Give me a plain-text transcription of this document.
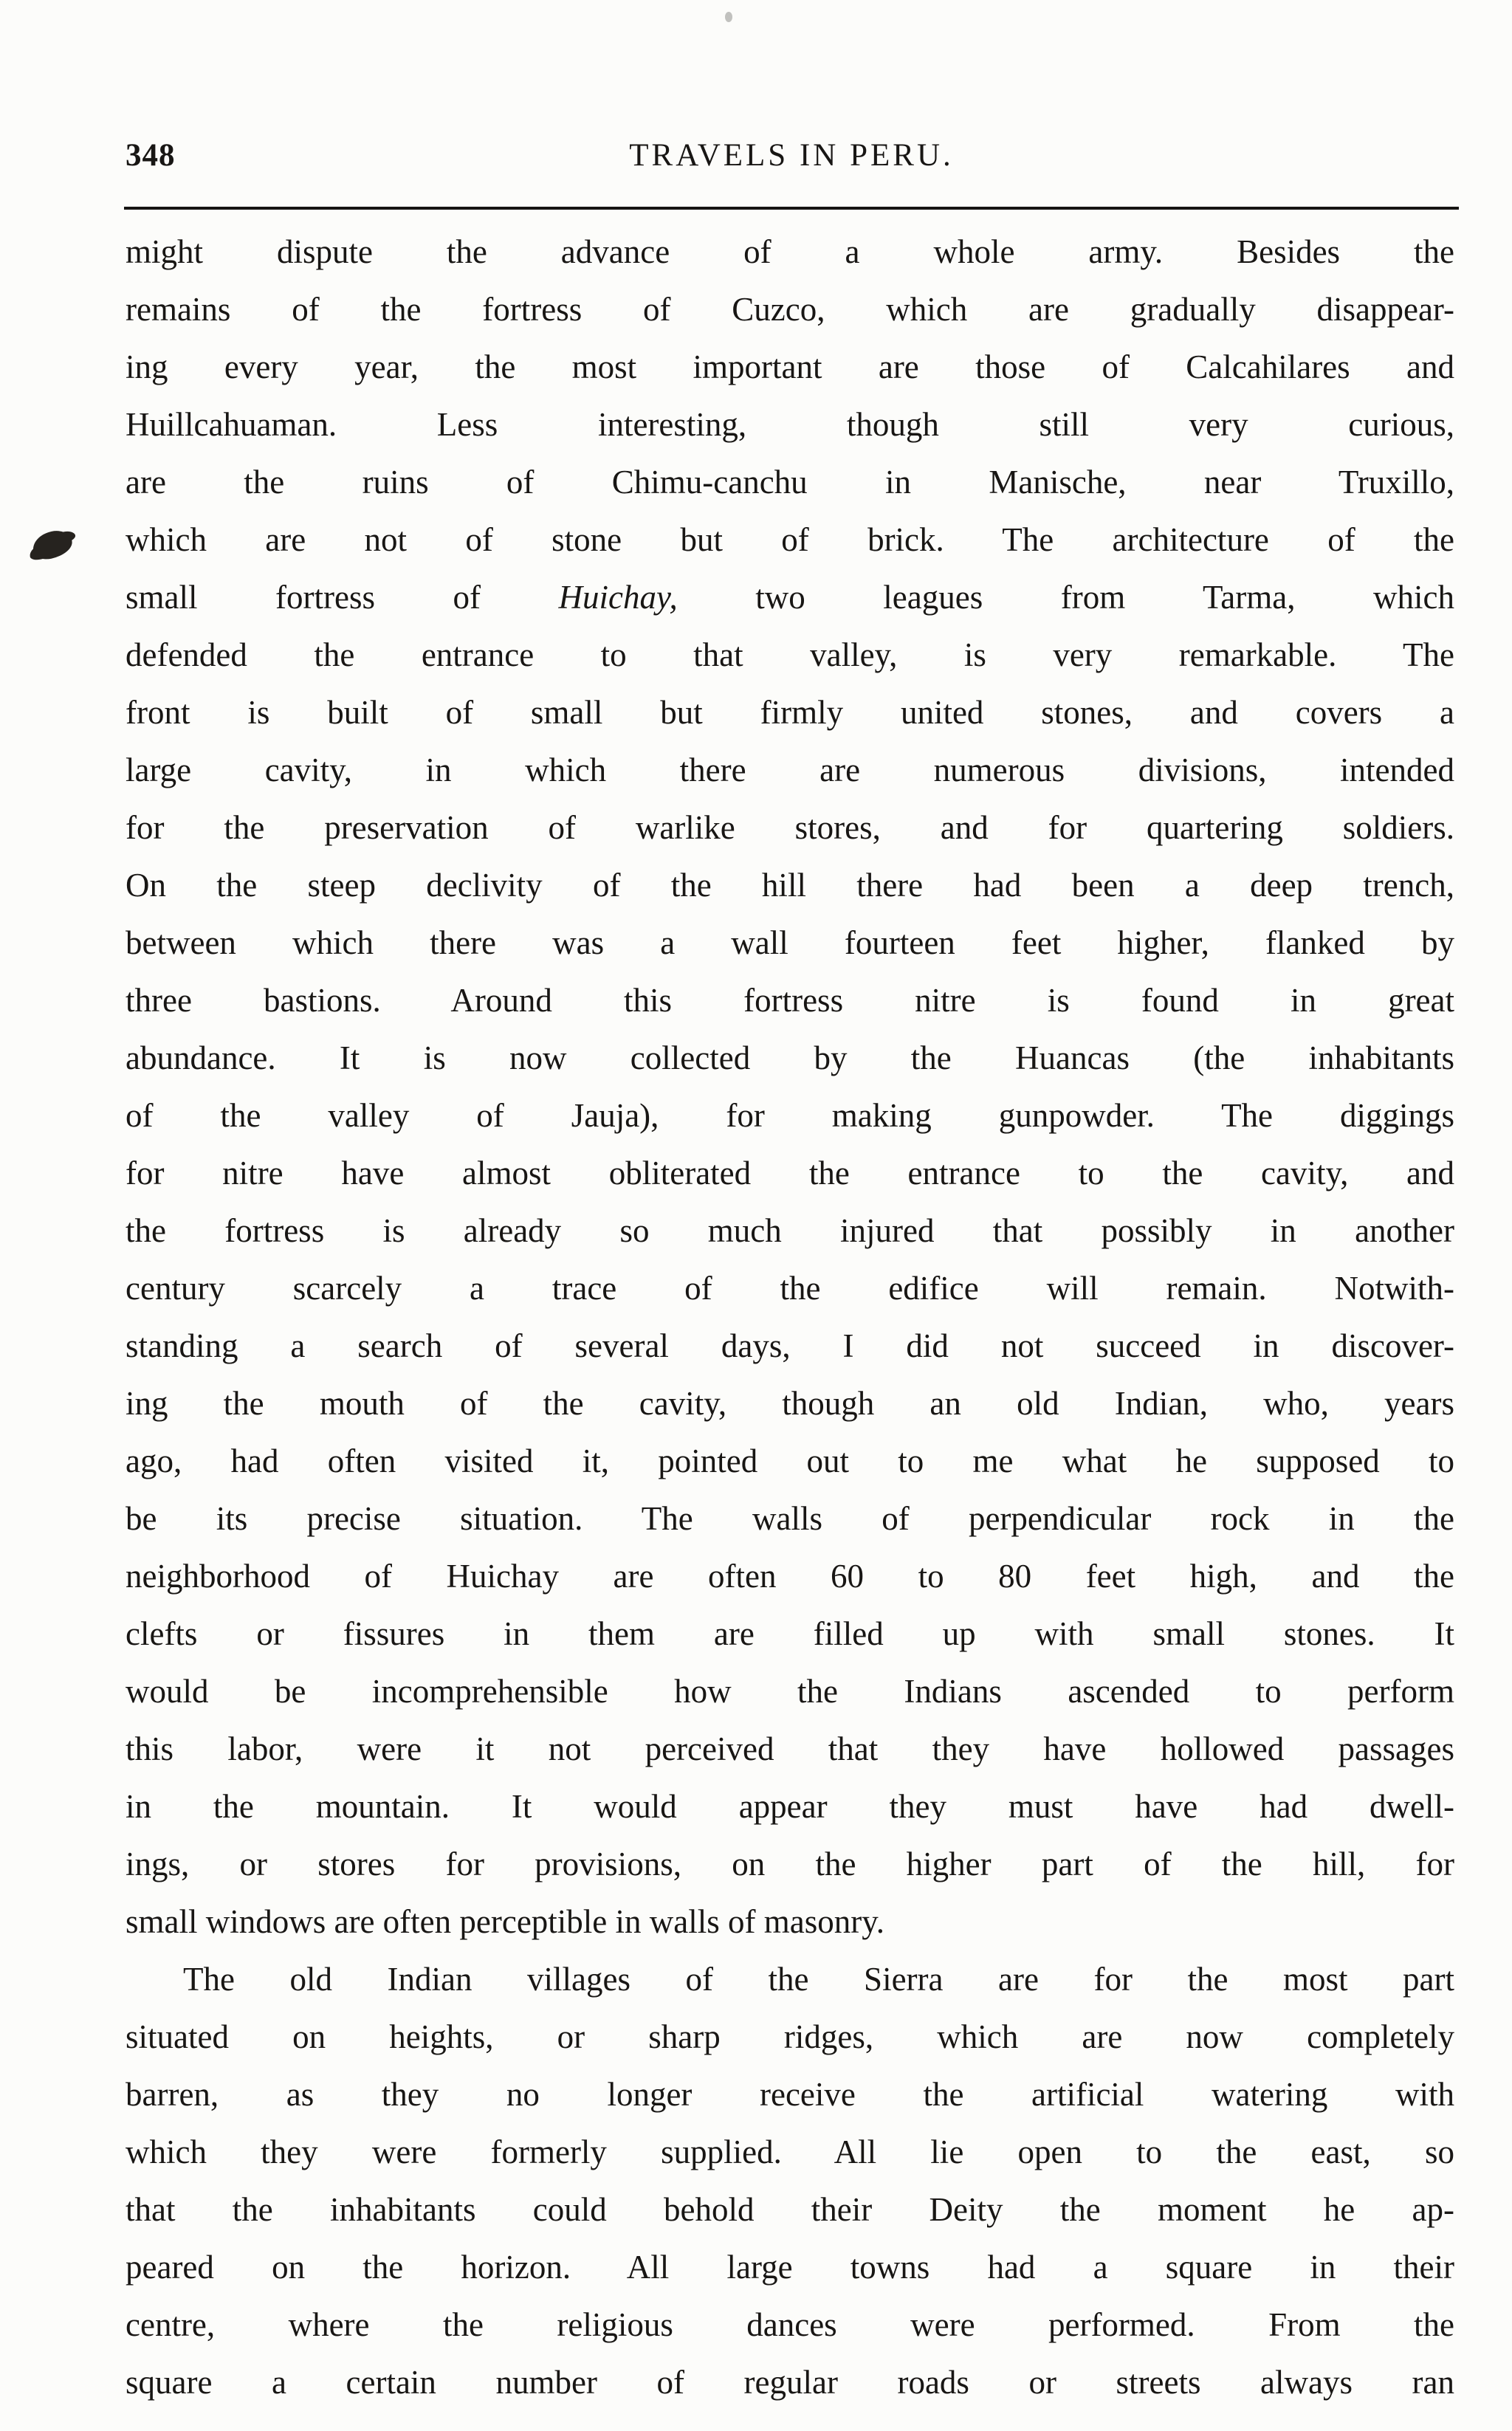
348	TRAVELS IN PERU.
might dispute the advance of a whole army. Besides the
remains of the fortress of Cuzco, which are gradually disappear-
ing every year, the most important are those of Calcahilares and
Huillcahuaman. Less interesting, though still very curious,
are the ruins of Chimu-canchu in Manische, near Truxillo,
which are not of stone but of brick. The architecture of the
small fortress of Huichay, two leagues from Tarma, which
defended the entrance to that valley, is very remarkable. The
front is built of small but firmly united stones, and covers a
large cavity, in which there are numerous divisions, intended
for the preservation of warlike stores, and for quartering soldiers.
On the steep declivity of the hill there had been a deep trench,
between which there was a wall fourteen feet higher, flanked by
three bastions. Around this fortress nitre is found in great
abundance. It is now collected by the Huancas (the inhabitants
of the valley of Jauja), for making gunpowder. The diggings
for nitre have almost obliterated the entrance to the cavity, and
the fortress is already so much injured that possibly in another
century scarcely a trace of the edifice will remain. Notwith-
standing a search of several days, I did not succeed in discover-
ing the mouth of the cavity, though an old Indian, who, years
ago, had often visited it, pointed out to me what he supposed to
be its precise situation. The walls of perpendicular rock in the
neighborhood of Huichay are often 60 to 80 feet high, and the
clefts or fissures in them are filled up with small stones. It
would be incomprehensible how the Indians ascended to perform
this labor, were it not perceived that they have hollowed passages
in the mountain. It would appear they must have had dwell-
ings, or stores for provisions, on the higher part of the hill, for
small windows are often perceptible in walls of masonry.
The old Indian villages of the Sierra are for the most part
situated on heights, or sharp ridges, which are now completely
barren, as they no longer receive the artificial watering with
which they were formerly supplied. All lie open to the east, so
that the inhabitants could behold their Deity the moment he ap-
peared on the horizon. All large towns had a square in their
centre, where the religious dances were performed. From the
square a certain number of regular roads or streets always ran
